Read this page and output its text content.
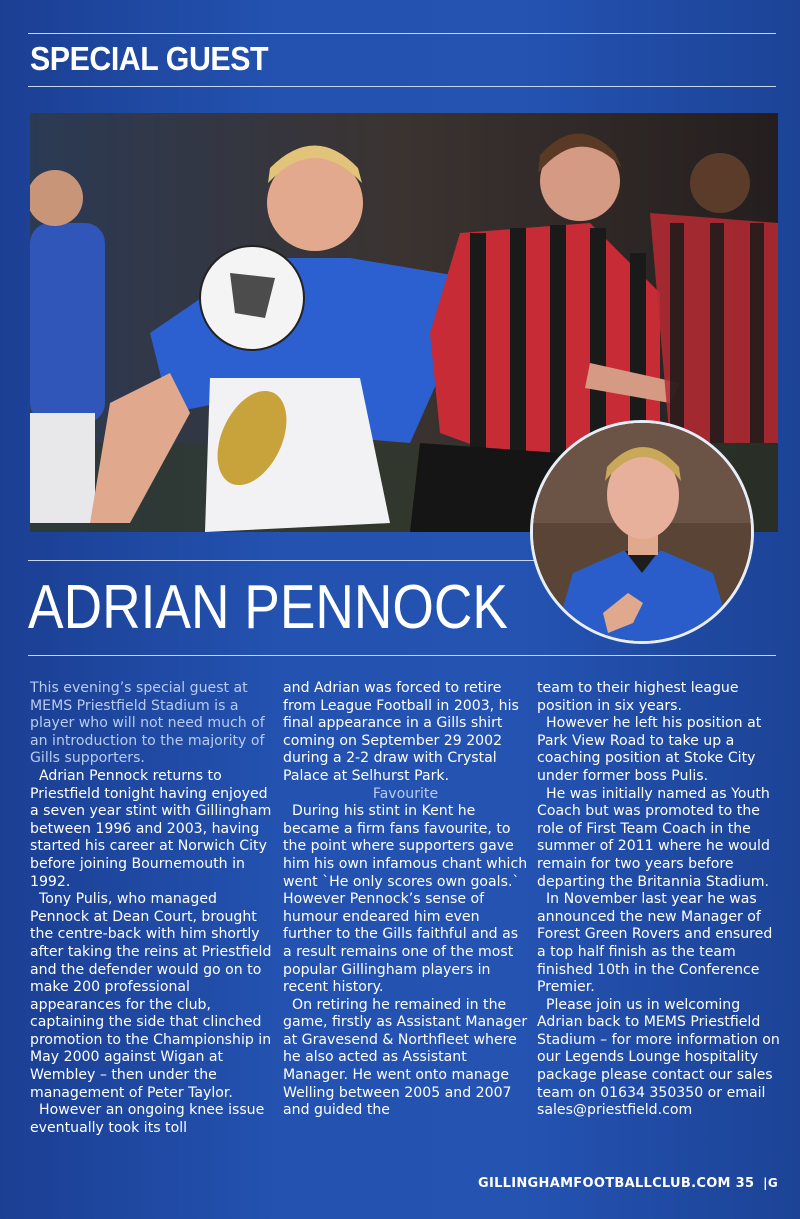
SPECIAL GUEST
ADRIAN PENNOCK

This evening’s special guest at MEMS Priestfield Stadium is a player who will not need much of an introduction to the majority of Gills supporters.

Adrian Pennock returns to Priestfield tonight having enjoyed a seven year stint with Gillingham between 1996 and 2003, having started his career at Norwich City before joining Bournemouth in 1992.

Tony Pulis, who managed Pennock at Dean Court, brought the centre-back with him shortly after taking the reins at Priestfield and the defender would go on to make 200 professional appearances for the club, captaining the side that clinched promotion to the Championship in May 2000 against Wigan at Wembley – then under the management of Peter Taylor.

However an ongoing knee issue eventually took its toll

and Adrian was forced to retire from League Football in 2003, his final appearance in a Gills shirt coming on September 29 2002 during a 2-2 draw with Crystal Palace at Selhurst Park.

Favourite

During his stint in Kent he became a firm fans favourite, to the point where supporters gave him his own infamous chant which went `He only scores own goals.` However Pennock’s sense of humour endeared him even further to the Gills faithful and as a result remains one of the most popular Gillingham players in recent history.

On retiring he remained in the game, firstly as Assistant Manager at Gravesend & Northfleet where he also acted as Assistant Manager. He went onto manage Welling between 2005 and 2007 and guided the

team to their highest league position in six years.

However he left his position at Park View Road to take up a coaching position at Stoke City under former boss Pulis.

He was initially named as Youth Coach but was promoted to the role of First Team Coach in the summer of 2011 where he would remain for two years before departing the Britannia Stadium.

In November last year he was announced the new Manager of Forest Green Rovers and ensured a top half finish as the team finished 10th in the Conference Premier.

Please join us in welcoming Adrian back to MEMS Priestfield Stadium – for more information on our Legends Lounge hospitality package please contact our sales team on 01634 350350 or email sales@priestfield.com

GILLINGHAMFOOTBALLCLUB.COM 35 |G
